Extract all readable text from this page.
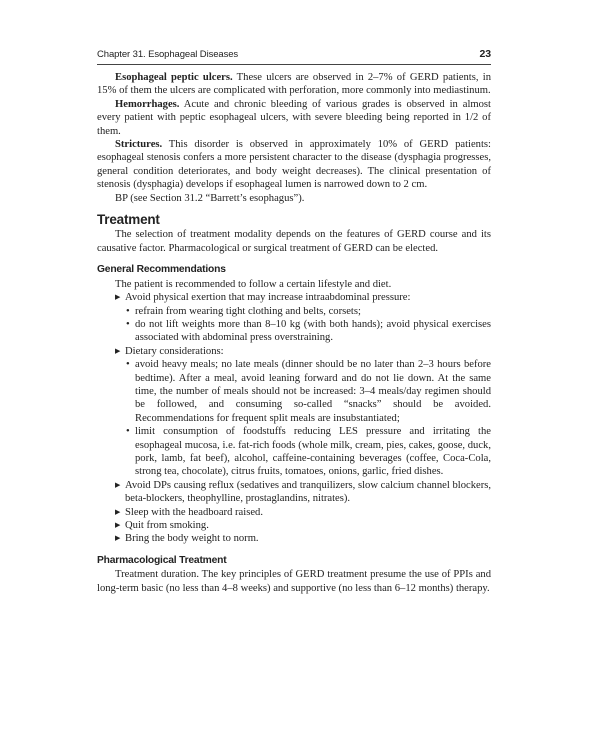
Chapter 31. Esophageal Diseases	23

Esophageal peptic ulcers. These ulcers are observed in 2–7% of GERD patients, in 15% of them the ulcers are complicated with perforation, more commonly into mediastinum.

Hemorrhages. Acute and chronic bleeding of various grades is observed in almost every patient with peptic esophageal ulcers, with severe bleeding being reported in 1/2 of them.

Strictures. This disorder is observed in approximately 10% of GERD patients: esophageal stenosis confers a more persistent character to the disease (dysphagia progresses, general condition deteriorates, and body weight decreases). The clinical presentation of stenosis (dysphagia) develops if esophageal lumen is narrowed down to 2 cm.

BP (see Section 31.2 “Barrett’s esophagus”).

Treatment

The selection of treatment modality depends on the features of GERD course and its causative factor. Pharmacological or surgical treatment of GERD can be elected.

General Recommendations

The patient is recommended to follow a certain lifestyle and diet.

▶ Avoid physical exertion that may increase intraabdominal pressure:
• refrain from wearing tight clothing and belts, corsets;
• do not lift weights more than 8–10 kg (with both hands); avoid physical exercises associated with abdominal press overstraining.
▶ Dietary considerations:
• avoid heavy meals; no late meals (dinner should be no later than 2–3 hours before bedtime). After a meal, avoid leaning forward and do not lie down. At the same time, the number of meals should not be increased: 3–4 meals/day regimen should be followed, and consuming so-called “snacks” should be avoided. Recommendations for frequent split meals are insubstantiated;
• limit consumption of foodstuffs reducing LES pressure and irritating the esophageal mucosa, i.e. fat-rich foods (whole milk, cream, pies, cakes, goose, duck, pork, lamb, fat beef), alcohol, caffeine-containing beverages (coffee, Coca-Cola, strong tea, chocolate), citrus fruits, tomatoes, onions, garlic, fried dishes.
▶ Avoid DPs causing reflux (sedatives and tranquilizers, slow calcium channel blockers, beta-blockers, theophylline, prostaglandins, nitrates).
▶ Sleep with the headboard raised.
▶ Quit from smoking.
▶ Bring the body weight to norm.
Pharmacological Treatment

Treatment duration. The key principles of GERD treatment presume the use of PPIs and long-term basic (no less than 4–8 weeks) and supportive (no less than 6–12 months) therapy.
